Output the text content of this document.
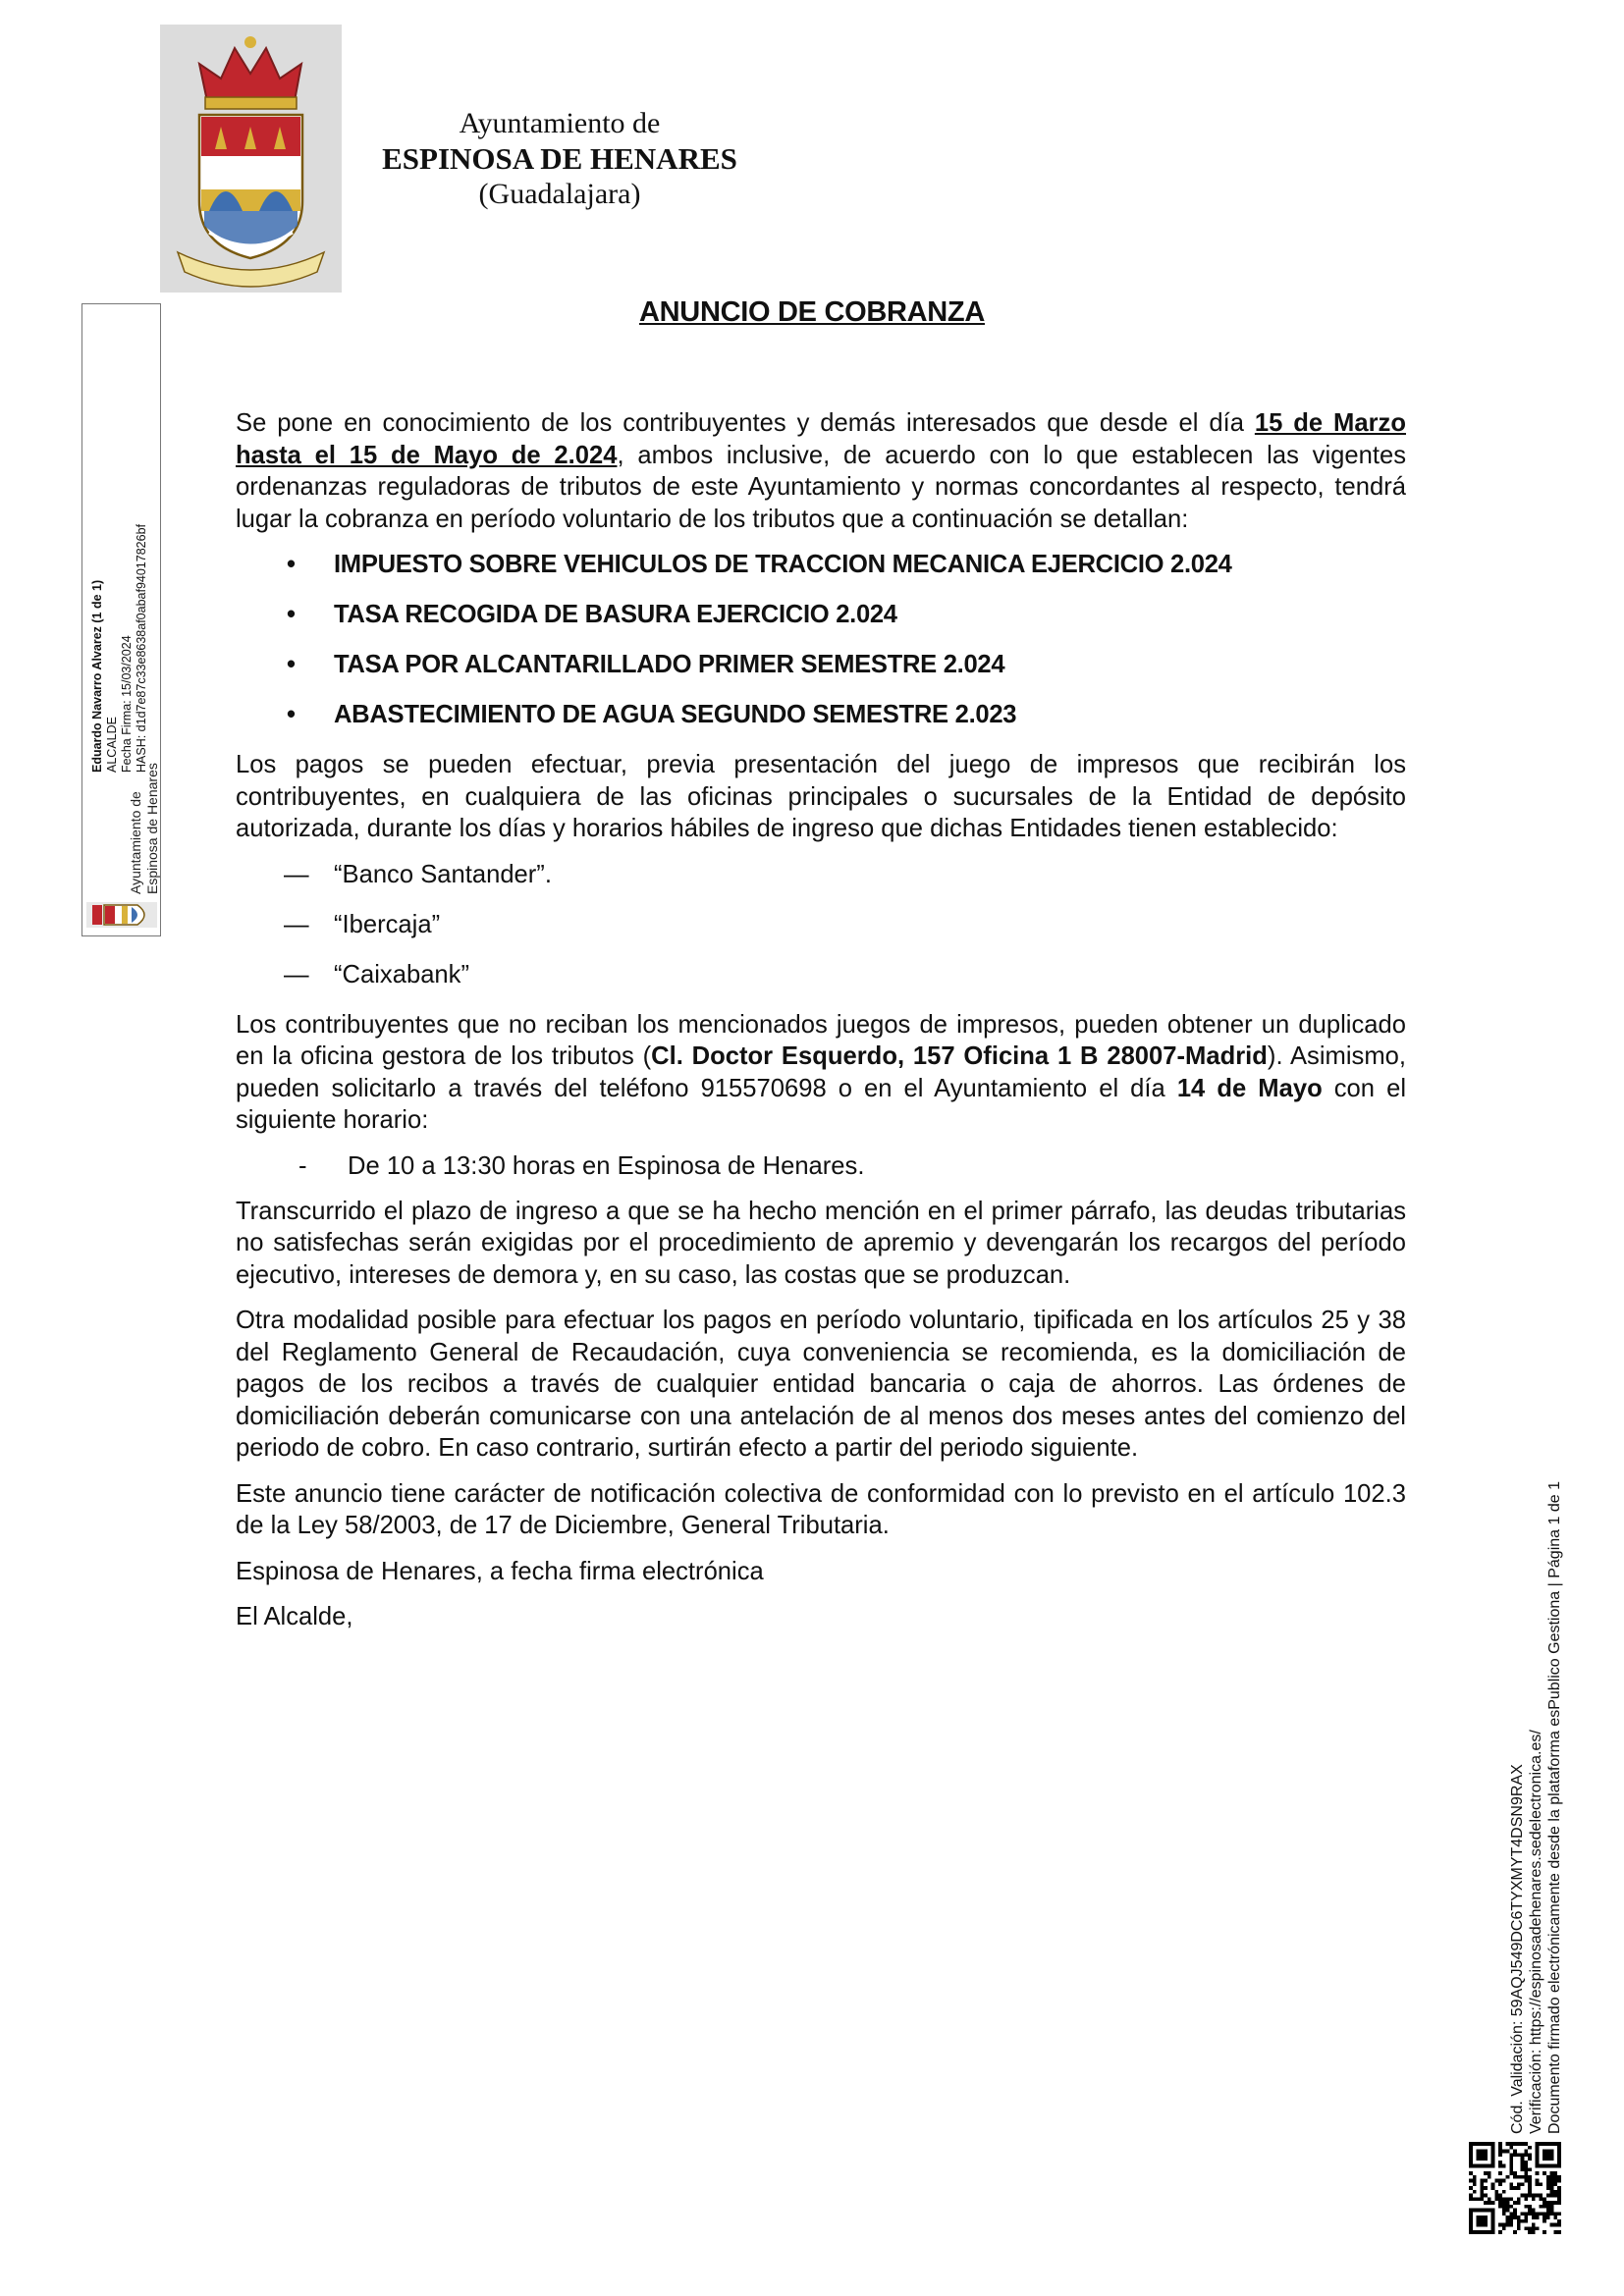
Ayuntamiento de
ESPINOSA DE HENARES
(Guadalajara)
Ayuntamiento de Espinosa de Henares
Eduardo Navarro Alvarez (1 de 1) ALCALDE Fecha Firma: 15/03/2024 HASH: d1d7e87c33e8638af0abaf9401782​6bf
ANUNCIO DE COBRANZA

Se pone en conocimiento de los contribuyentes y demás interesados que desde el día 15 de Marzo hasta el 15 de Mayo de 2.024, ambos inclusive, de acuerdo con lo que establecen las vigentes ordenanzas reguladoras de tributos de este Ayuntamiento y normas concordantes al respecto, tendrá lugar la cobranza en período voluntario de los tributos que a continuación se detallan:

• IMPUESTO SOBRE VEHICULOS DE TRACCION MECANICA EJERCICIO 2.024
• TASA RECOGIDA DE BASURA EJERCICIO 2.024
• TASA POR ALCANTARILLADO PRIMER SEMESTRE 2.024
• ABASTECIMIENTO DE AGUA SEGUNDO SEMESTRE 2.023

Los pagos se pueden efectuar, previa presentación del juego de impresos que recibirán los contribuyentes, en cualquiera de las oficinas principales o sucursales de la Entidad de depósito autorizada, durante los días y horarios hábiles de ingreso que dichas Entidades tienen establecido:

— “Banco Santander”.
— “Ibercaja”
— “Caixabank”

Los contribuyentes que no reciban los mencionados juegos de impresos, pueden obtener un duplicado en la oficina gestora de los tributos (Cl. Doctor Esquerdo, 157 Oficina 1 B 28007-Madrid). Asimismo, pueden solicitarlo a través del teléfono 915570698 o en el Ayuntamiento el día 14 de Mayo con el siguiente horario:

- De 10 a 13:30 horas en Espinosa de Henares.

Transcurrido el plazo de ingreso a que se ha hecho mención en el primer párrafo, las deudas tributarias no satisfechas serán exigidas por el procedimiento de apremio y devengarán los recargos del período ejecutivo, intereses de demora y, en su caso, las costas que se produzcan.

Otra modalidad posible para efectuar los pagos en período voluntario, tipificada en los artículos 25 y 38 del Reglamento General de Recaudación, cuya conveniencia se recomienda, es la domiciliación de pagos de los recibos a través de cualquier entidad bancaria o caja de ahorros. Las órdenes de domiciliación deberán comunicarse con una antelación de al menos dos meses antes del comienzo del periodo de cobro. En caso contrario, surtirán efecto a partir del periodo siguiente.

Este anuncio tiene carácter de notificación colectiva de conformidad con lo previsto en el artículo 102.3 de la Ley 58/2003, de 17 de Diciembre, General Tributaria.

Espinosa de Henares, a fecha firma electrónica

El Alcalde,

Cód. Validación: 59AQJ549DC6TYXMYT4DSN9RAX Verificación: https://espinosadehenares.sedelectronica.es/ Documento firmado electrónicamente desde la plataforma esPublico Gestiona | Página 1 de 1
